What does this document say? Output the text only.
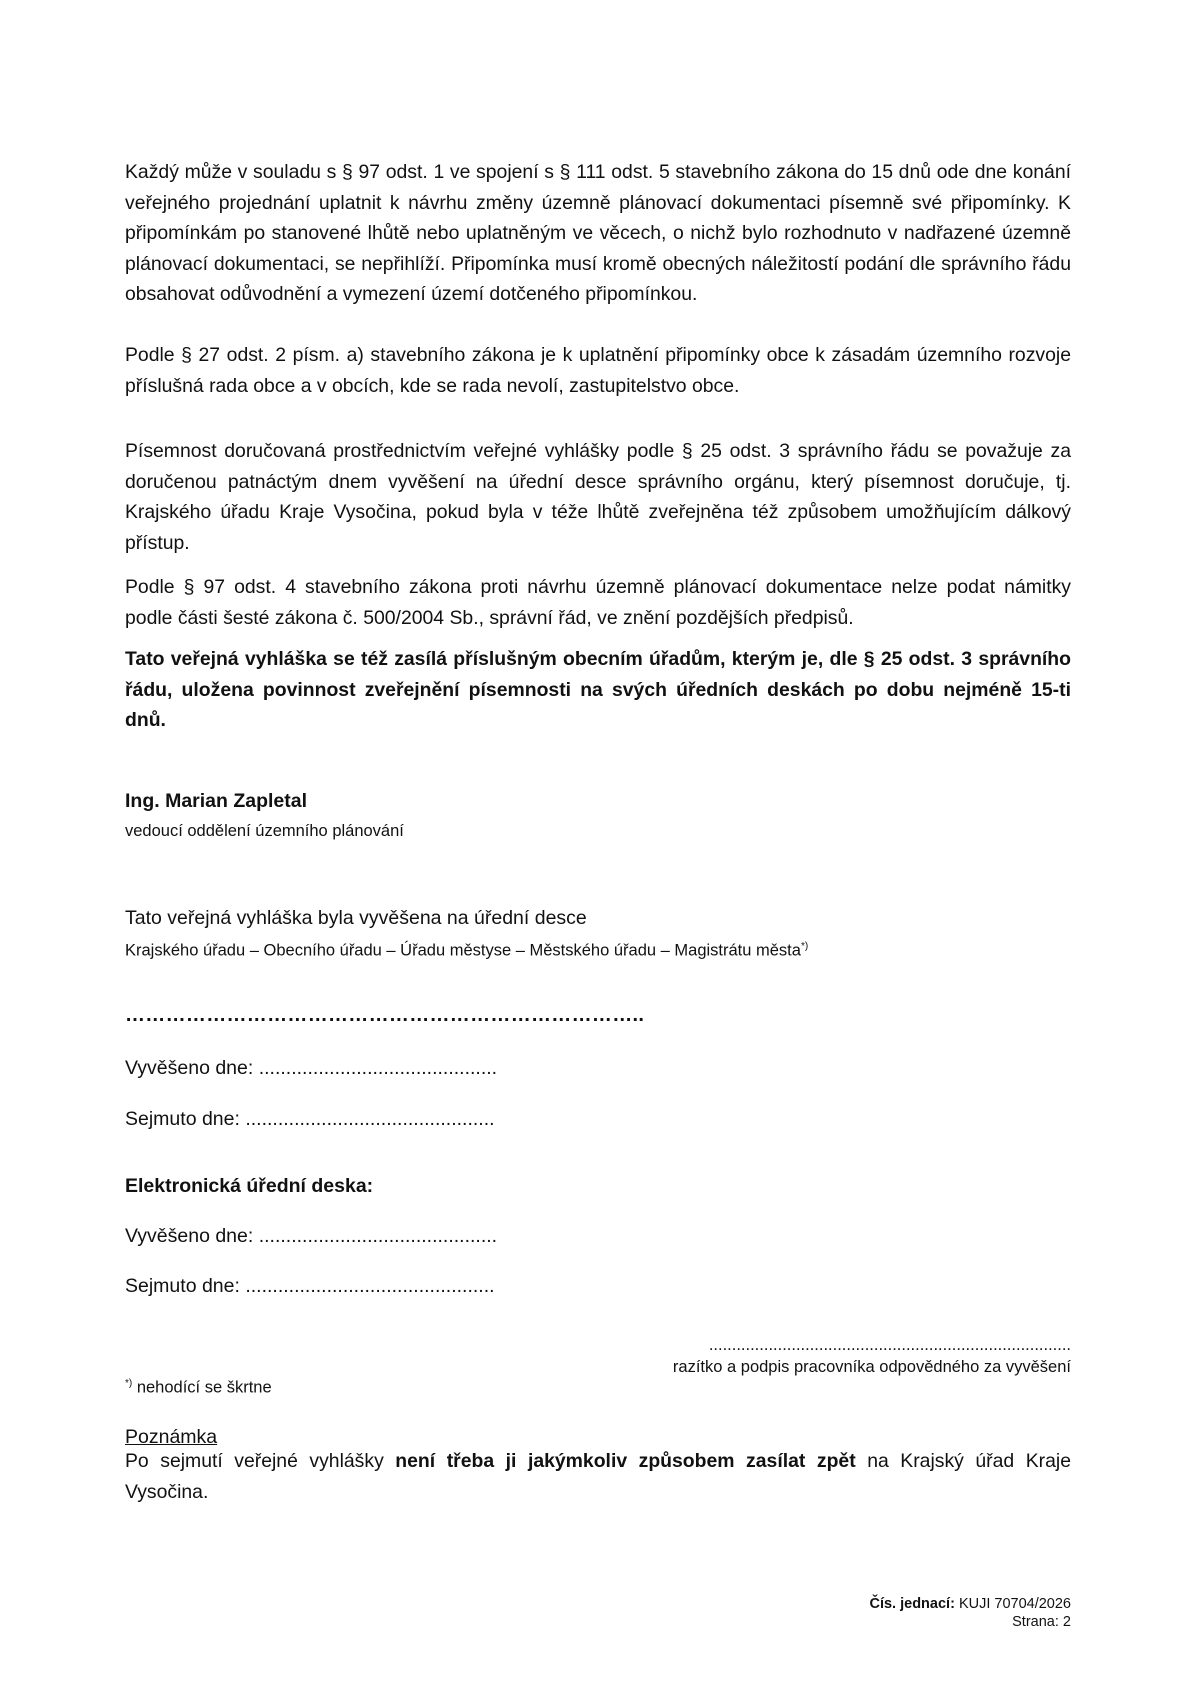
Každý může v souladu s § 97 odst. 1 ve spojení s § 111 odst. 5 stavebního zákona do 15 dnů ode dne konání veřejného projednání uplatnit k návrhu změny územně plánovací dokumentaci písemně své připomínky. K připomínkám po stanovené lhůtě nebo uplatněným ve věcech, o nichž bylo rozhodnuto v nadřazené územně plánovací dokumentaci, se nepřihlíží. Připomínka musí kromě obecných náležitostí podání dle správního řádu obsahovat odůvodnění a vymezení území dotčeného připomínkou.

Podle § 27 odst. 2 písm. a) stavebního zákona je k uplatnění připomínky obce k zásadám územního rozvoje příslušná rada obce a v obcích, kde se rada nevolí, zastupitelstvo obce.

Písemnost doručovaná prostřednictvím veřejné vyhlášky podle § 25 odst. 3 správního řádu se považuje za doručenou patnáctým dnem vyvěšení na úřední desce správního orgánu, který písemnost doručuje, tj. Krajského úřadu Kraje Vysočina, pokud byla v téže lhůtě zveřejněna též způsobem umožňujícím dálkový přístup.

Podle § 97 odst. 4 stavebního zákona proti návrhu územně plánovací dokumentace nelze podat námitky podle části šesté zákona č. 500/2004 Sb., správní řád, ve znění pozdějších předpisů.

Tato veřejná vyhláška se též zasílá příslušným obecním úřadům, kterým je, dle § 25 odst. 3 správního řádu, uložena povinnost zveřejnění písemnosti na svých úředních deskách po dobu nejméně 15-ti dnů.

Ing. Marian Zapletal
vedoucí oddělení územního plánování
Tato veřejná vyhláška byla vyvěšena na úřední desce
Krajského úřadu – Obecního úřadu – Úřadu městyse – Městského úřadu – Magistrátu města*)
…………………………………………………………………..
Vyvěšeno dne: ............................................
Sejmuto dne: ..............................................
Elektronická úřední deska:
Vyvěšeno dne: ............................................
Sejmuto dne: ..............................................
...............................................................................
razítko a podpis pracovníka odpovědného za vyvěšení
*) nehodící se škrtne
Poznámka

Po sejmutí veřejné vyhlášky není třeba ji jakýmkoliv způsobem zasílat zpět na Krajský úřad Kraje Vysočina.

Čís. jednací: KUJI 70704/2026
Strana: 2
